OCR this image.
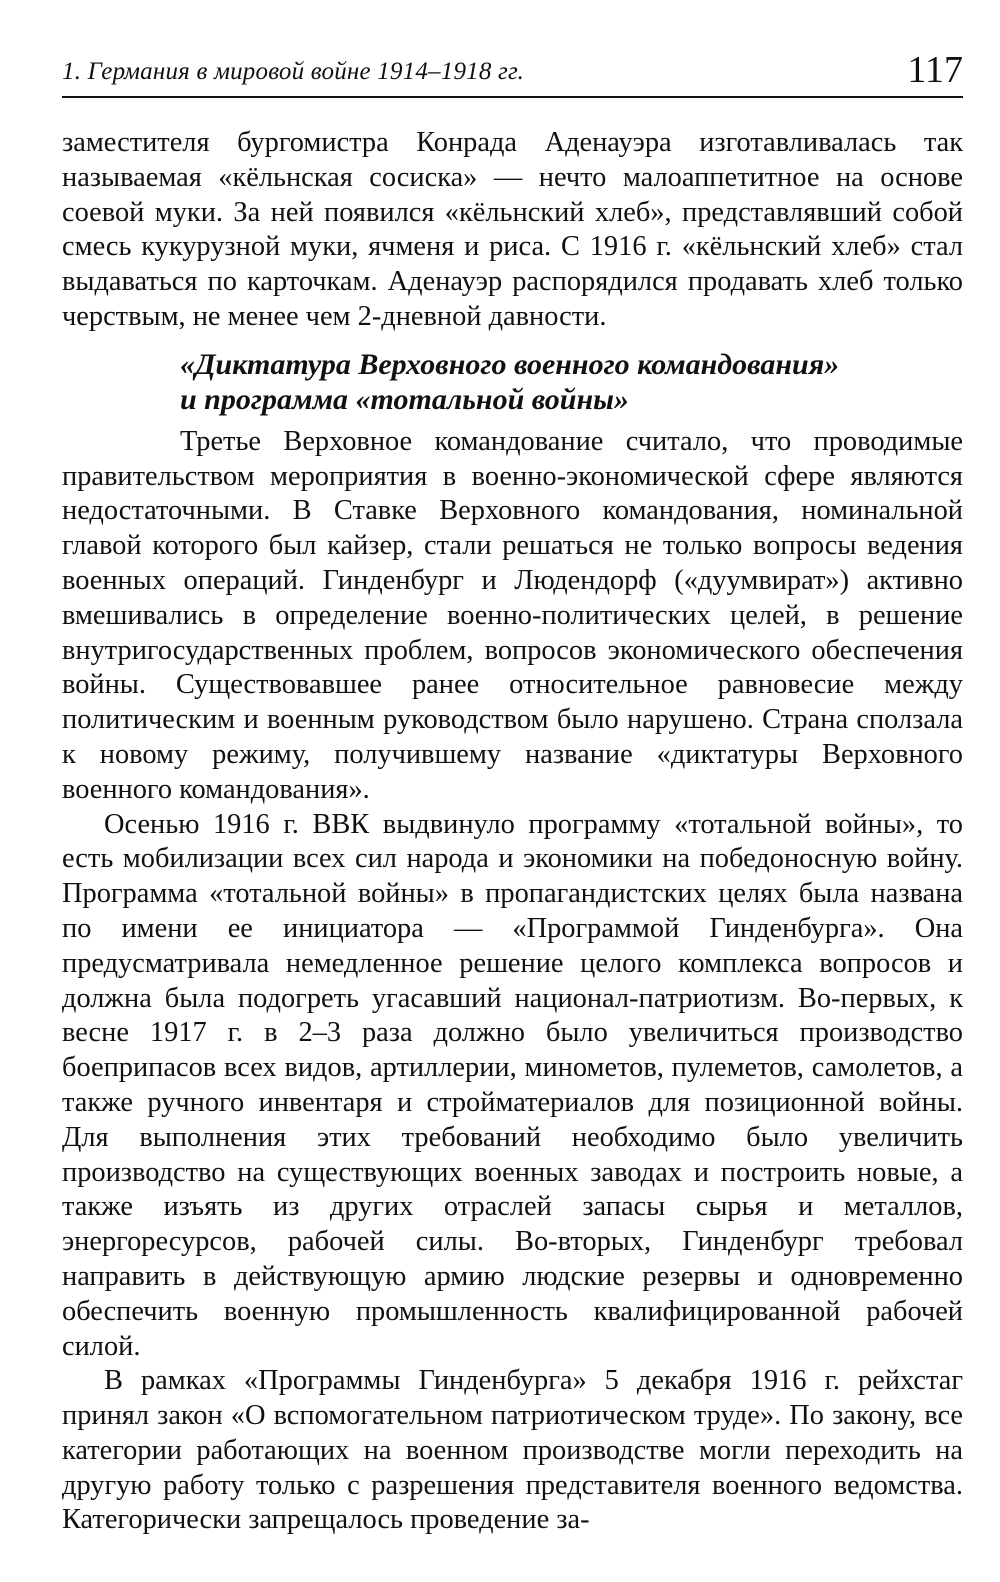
1. Германия в мировой войне 1914–1918 гг.	117

заместителя бургомистра Конрада Аденауэра изготавливалась так называемая «кёльнская сосиска» — нечто малоаппетитное на основе соевой муки. За ней появился «кёльнский хлеб», представлявший собой смесь кукурузной муки, ячменя и риса. С 1916 г. «кёльнский хлеб» стал выдаваться по карточкам. Аденауэр распорядился продавать хлеб только черствым, не менее чем 2-дневной давности.

«Диктатура Верховного военного командования»
и программа «тотальной войны»

Третье Верховное командование считало, что проводимые правительством мероприятия в военно-экономической сфере являются недостаточными. В Ставке Верховного командования, номинальной главой которого был кайзер, стали решаться не только вопросы ведения военных операций. Гинденбург и Людендорф («дуумвират») активно вмешивались в определение военно-политических целей, в решение внутригосударственных проблем, вопросов экономического обеспечения войны. Существовавшее ранее относительное равновесие между политическим и военным руководством было нарушено. Страна сползала к новому режиму, получившему название «диктатуры Верховного военного командования».

Осенью 1916 г. ВВК выдвинуло программу «тотальной войны», то есть мобилизации всех сил народа и экономики на победоносную войну. Программа «тотальной войны» в пропагандистских целях была названа по имени ее инициатора — «Программой Гинденбурга». Она предусматривала немедленное решение целого комплекса вопросов и должна была подогреть угасавший национал-патриотизм. Во-первых, к весне 1917 г. в 2–3 раза должно было увеличиться производство боеприпасов всех видов, артиллерии, минометов, пулеметов, самолетов, а также ручного инвентаря и стройматериалов для позиционной войны. Для выполнения этих требований необходимо было увеличить производство на существующих военных заводах и построить новые, а также изъять из других отраслей запасы сырья и металлов, энергоресурсов, рабочей силы. Во-вторых, Гинденбург требовал направить в действующую армию людские резервы и одновременно обеспечить военную промышленность квалифицированной рабочей силой.

В рамках «Программы Гинденбурга» 5 декабря 1916 г. рейхстаг принял закон «О вспомогательном патриотическом труде». По закону, все категории работающих на военном производстве могли переходить на другую работу только с разрешения представителя военного ведомства. Категорически запрещалось проведение за-
